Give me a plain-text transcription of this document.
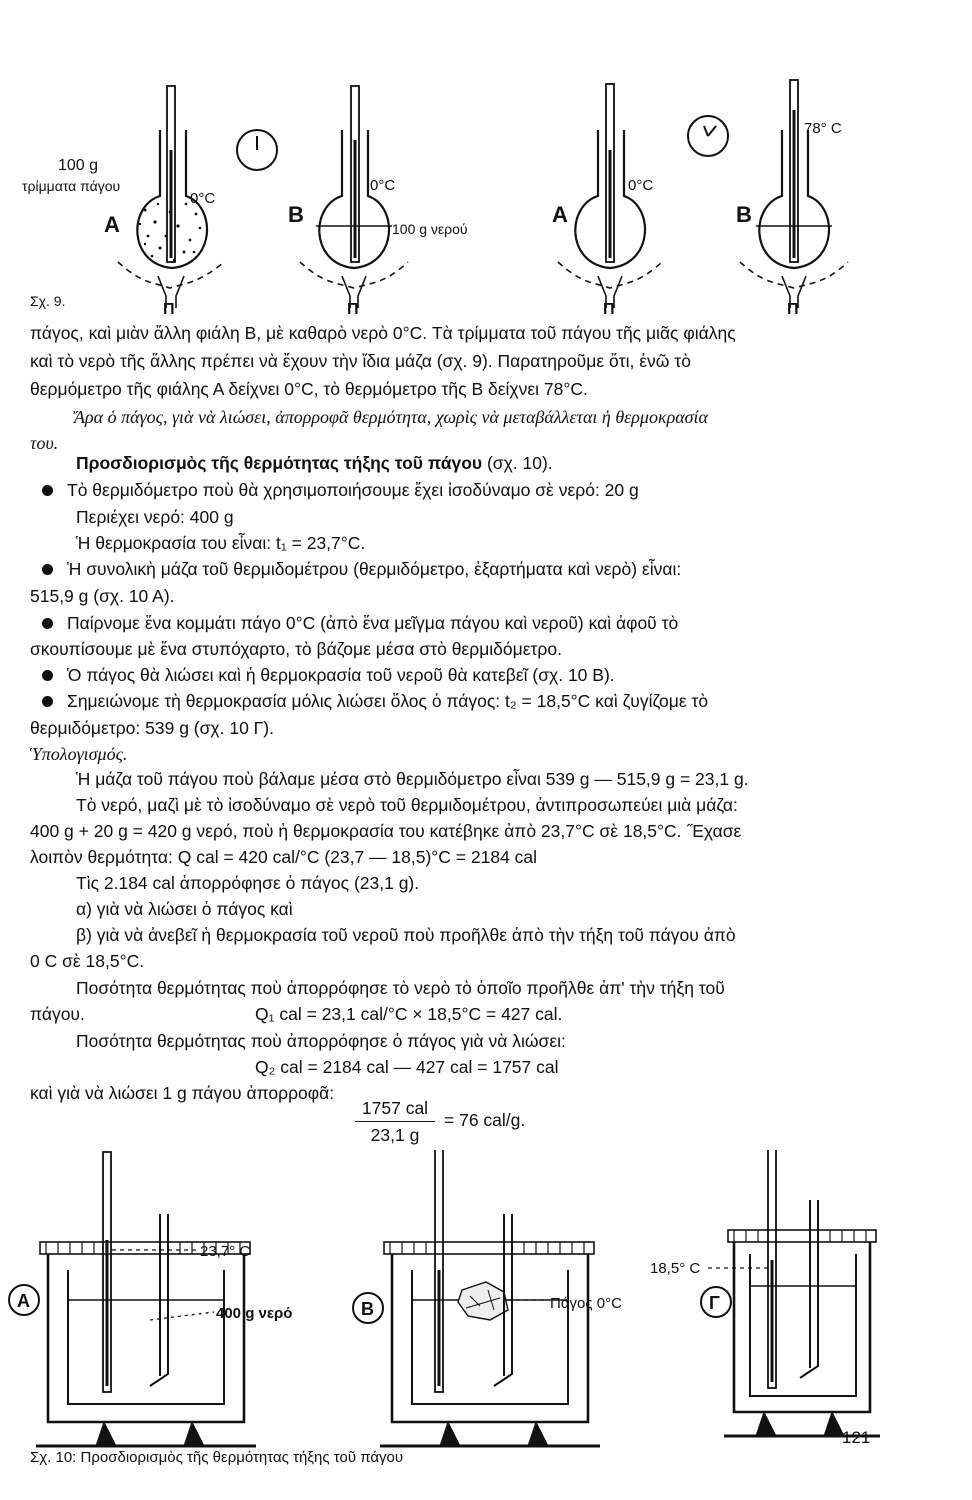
100 g
τρίμματα πάγου
A
0°C
B
0°C
100 g νερού
A
0°C
B
78° C
Π	Π	Π	Π
Σχ. 9.
πάγος, καὶ μιὰν ἄλλη φιάλη Β, μὲ καθαρὸ νερὸ 0°C. Τὰ τρίμματα τοῦ πάγου τῆς μιᾶς φιάλης
καὶ τὸ νερὸ τῆς ἄλλης πρέπει νὰ ἔχουν τὴν ἴδια μάζα (σχ. 9). Παρατηροῦμε ὅτι, ἐνῶ τὸ
θερμόμετρο τῆς φιάλης Α δείχνει 0°C, τὸ θερμόμετρο τῆς Β δείχνει 78°C.
Ἄρα ὁ πάγος, γιὰ νὰ λιώσει, ἀπορροφᾶ θερμότητα, χωρὶς νὰ μεταβάλλεται ἡ θερμοκρασία
του.
Προσδιορισμὸς τῆς θερμότητας τήξης τοῦ πάγου (σχ. 10).
Τὸ θερμιδόμετρο ποὺ θὰ χρησιμοποιήσουμε ἔχει ἰσοδύναμο σὲ νερό: 20 g
Περιέχει νερό: 400 g
Ἡ θερμοκρασία του εἶναι: t₁ = 23,7°C.
Ἡ συνολικὴ μάζα τοῦ θερμιδομέτρου (θερμιδόμετρο, ἐξαρτήματα καὶ νερὸ) εἶναι:
515,9 g (σχ. 10 Α).
Παίρνομε ἕνα κομμάτι πάγο 0°C (ἀπὸ ἕνα μεῖγμα πάγου καὶ νεροῦ) καὶ ἀφοῦ τὸ
σκουπίσουμε μὲ ἕνα στυπόχαρτο, τὸ βάζομε μέσα στὸ θερμιδόμετρο.
Ὁ πάγος θὰ λιώσει καὶ ἡ θερμοκρασία τοῦ νεροῦ θὰ κατεβεῖ (σχ. 10 Β).
Σημειώνομε τὴ θερμοκρασία μόλις λιώσει ὅλος ὁ πάγος: t₂ = 18,5°C καὶ ζυγίζομε τὸ
θερμιδόμετρο: 539 g (σχ. 10 Γ).
Ὑπολογισμός.
Ἡ μάζα τοῦ πάγου ποὺ βάλαμε μέσα στὸ θερμιδόμετρο εἶναι 539 g — 515,9 g = 23,1 g.
Τὸ νερό, μαζὶ μὲ τὸ ἰσοδύναμο σὲ νερὸ τοῦ θερμιδομέτρου, ἀντιπροσωπεύει μιὰ μάζα:
400 g + 20 g = 420 g νερό, ποὺ ἡ θερμοκρασία του κατέβηκε ἀπὸ 23,7°C σὲ 18,5°C. ˝Εχασε
λοιπὸν θερμότητα: Q cal = 420 cal/°C (23,7 — 18,5)°C = 2184 cal
Τὶς 2.184 cal ἀπορρόφησε ὁ πάγος (23,1 g).
α) γιὰ νὰ λιώσει ὁ πάγος καὶ
β) γιὰ νὰ ἀνεβεῖ ἡ θερμοκρασία τοῦ νεροῦ ποὺ προῆλθε ἀπὸ τὴν τήξη τοῦ πάγου ἀπὸ
0 C σὲ 18,5°C.
Ποσότητα θερμότητας ποὺ ἀπορρόφησε τὸ νερὸ τὸ ὁποῖο προῆλθε ἀπ' τὴν τήξη τοῦ
πάγου.	Q₁ cal = 23,1 cal/°C × 18,5°C = 427 cal.
Ποσότητα θερμότητας ποὺ ἀπορρόφησε ὁ πάγος γιὰ νὰ λιώσει:
Q₂ cal = 2184 cal — 427 cal = 1757 cal
καὶ γιὰ νὰ λιώσει 1 g πάγου ἀπορροφᾶ:
1757 cal
23,1 g
= 76 cal/g.
23,7° C
400 g νερό
Πάγος 0°C
18,5° C
A	B	Γ
Σχ. 10: Προσδιορισμὸς τῆς θερμότητας τήξης τοῦ πάγου
121
